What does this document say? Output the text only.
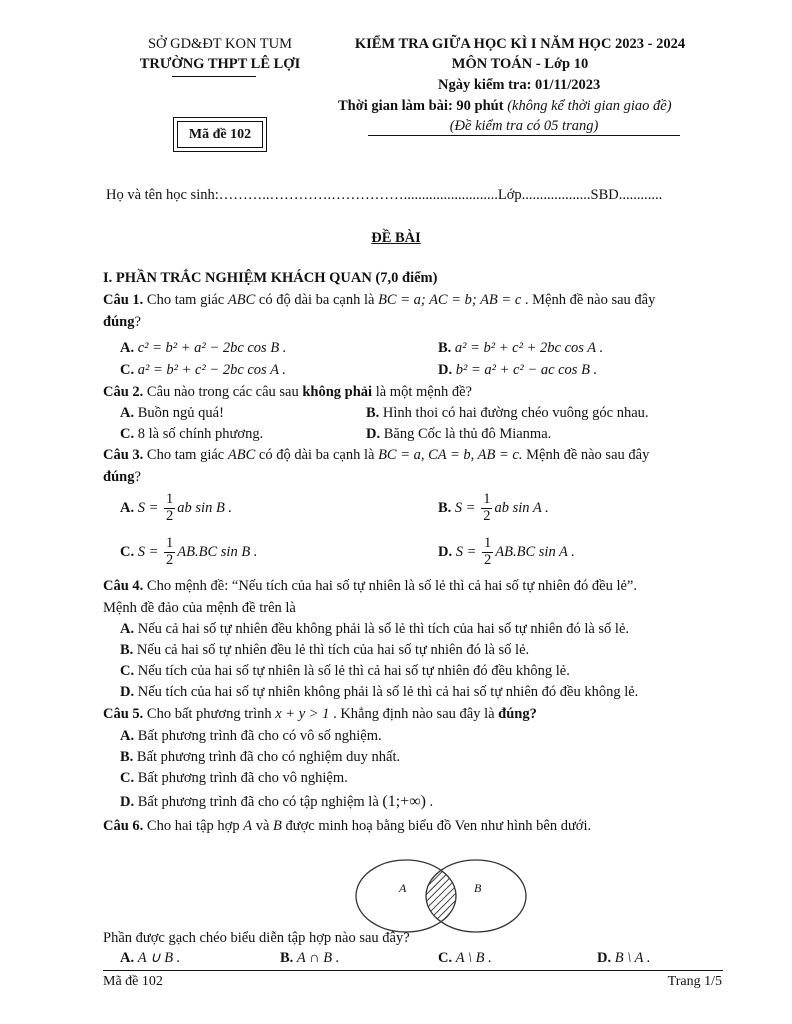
SỞ GD&ĐT KON TUM
TRƯỜNG THPT LÊ LỢI
KIỂM TRA GIỮA HỌC KÌ I NĂM HỌC 2023 - 2024
MÔN TOÁN - Lớp 10
Ngày kiểm tra: 01/11/2023
Thời gian làm bài: 90 phút (không kể thời gian giao đề)
(Đề kiểm tra có 05 trang)
Mã đề 102
Họ và tên học sinh:………..………….……………..........................Lớp...................SBD............
ĐỀ BÀI
I. PHẦN TRẮC NGHIỆM KHÁCH QUAN (7,0 điểm)
Câu 1. Cho tam giác ABC có độ dài ba cạnh là BC = a; AC = b; AB = c . Mệnh đề nào sau đây
đúng?
A. c² = b² + a² − 2bc cos B .	B. a² = b² + c² + 2bc cos A .
C. a² = b² + c² − 2bc cos A .	D. b² = a² + c² − ac cos B .
Câu 2. Câu nào trong các câu sau không phải là một mệnh đề?
A. Buồn ngủ quá!	B. Hình thoi có hai đường chéo vuông góc nhau.
C. 8 là số chính phương.	D. Băng Cốc là thủ đô Mianma.
Câu 3. Cho tam giác ABC có độ dài ba cạnh là BC = a, CA = b, AB = c. Mệnh đề nào sau đây
đúng?
A. $S = \frac{1}{2}$ ab sin B .	B. $S = \frac{1}{2}$ ab sin A .
C. $S = \frac{1}{2} AB.BC$ sin B .	D. $S = \frac{1}{2} AB.BC$ sin A .
Câu 4. Cho mệnh đề: “Nếu tích của hai số tự nhiên là số lẻ thì cả hai số tự nhiên đó đều lẻ”.
Mệnh đề đảo của mệnh đề trên là
A. Nếu cả hai số tự nhiên đều không phải là số lẻ thì tích của hai số tự nhiên đó là số lẻ.
B. Nếu cả hai số tự nhiên đều lẻ thì tích của hai số tự nhiên đó là số lẻ.
C. Nếu tích của hai số tự nhiên là số lẻ thì cả hai số tự nhiên đó đều không lẻ.
D. Nếu tích của hai số tự nhiên không phải là số lẻ thì cả hai số tự nhiên đó đều không lẻ.
Câu 5. Cho bất phương trình x + y > 1 . Khẳng định nào sau đây là đúng?
A. Bất phương trình đã cho có vô số nghiệm.
B. Bất phương trình đã cho có nghiệm duy nhất.
C. Bất phương trình đã cho vô nghiệm.
D. Bất phương trình đã cho có tập nghiệm là (1;+∞) .
Câu 6. Cho hai tập hợp A và B được minh hoạ bằng biểu đồ Ven như hình bên dưới.
A	B
Phần được gạch chéo biểu diễn tập hợp nào sau đây?
A. A ∪ B .	B. A ∩ B .	C. A \ B .	D. B \ A .
Mã đề 102	Trang 1/5
